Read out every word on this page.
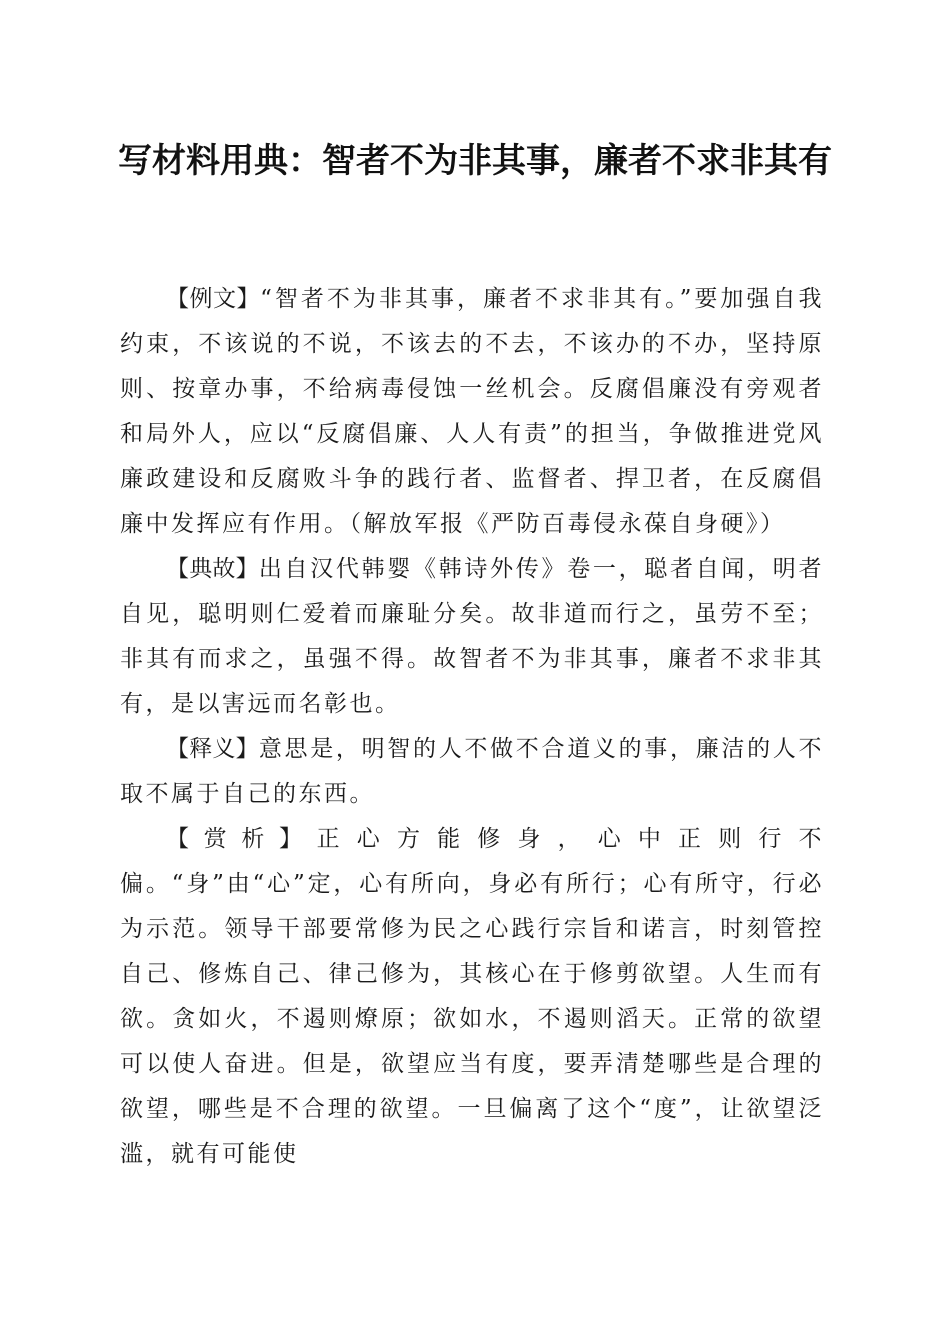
写材料用典：智者不为非其事，廉者不求非其有

【例文】“智者不为非其事，廉者不求非其有。”要加强自我约束，不该说的不说，不该去的不去，不该办的不办，坚持原则、按章办事，不给病毒侵蚀一丝机会。反腐倡廉没有旁观者和局外人，应以“反腐倡廉、人人有责”的担当，争做推进党风廉政建设和反腐败斗争的践行者、监督者、捍卫者，在反腐倡廉中发挥应有作用。（解放军报《严防百毒侵永葆自身硬》）

【典故】出自汉代韩婴《韩诗外传》卷一，聪者自闻，明者自见，聪明则仁爱着而廉耻分矣。故非道而行之，虽劳不至；非其有而求之，虽强不得。故智者不为非其事，廉者不求非其有，是以害远而名彰也。

【释义】意思是，明智的人不做不合道义的事，廉洁的人不取不属于自己的东西。

【赏析】正心方能修身，心中正则行不偏。“身”由“心”定，心有所向，身必有所行；心有所守，行必为示范。领导干部要常修为民之心践行宗旨和诺言，时刻管控自己、修炼自己、律己修为，其核心在于修剪欲望。人生而有欲。贪如火，不遏则燎原；欲如水，不遏则滔天。正常的欲望可以使人奋进。但是，欲望应当有度，要弄清楚哪些是合理的欲望，哪些是不合理的欲望。一旦偏离了这个“度”，让欲望泛滥，就有可能使
